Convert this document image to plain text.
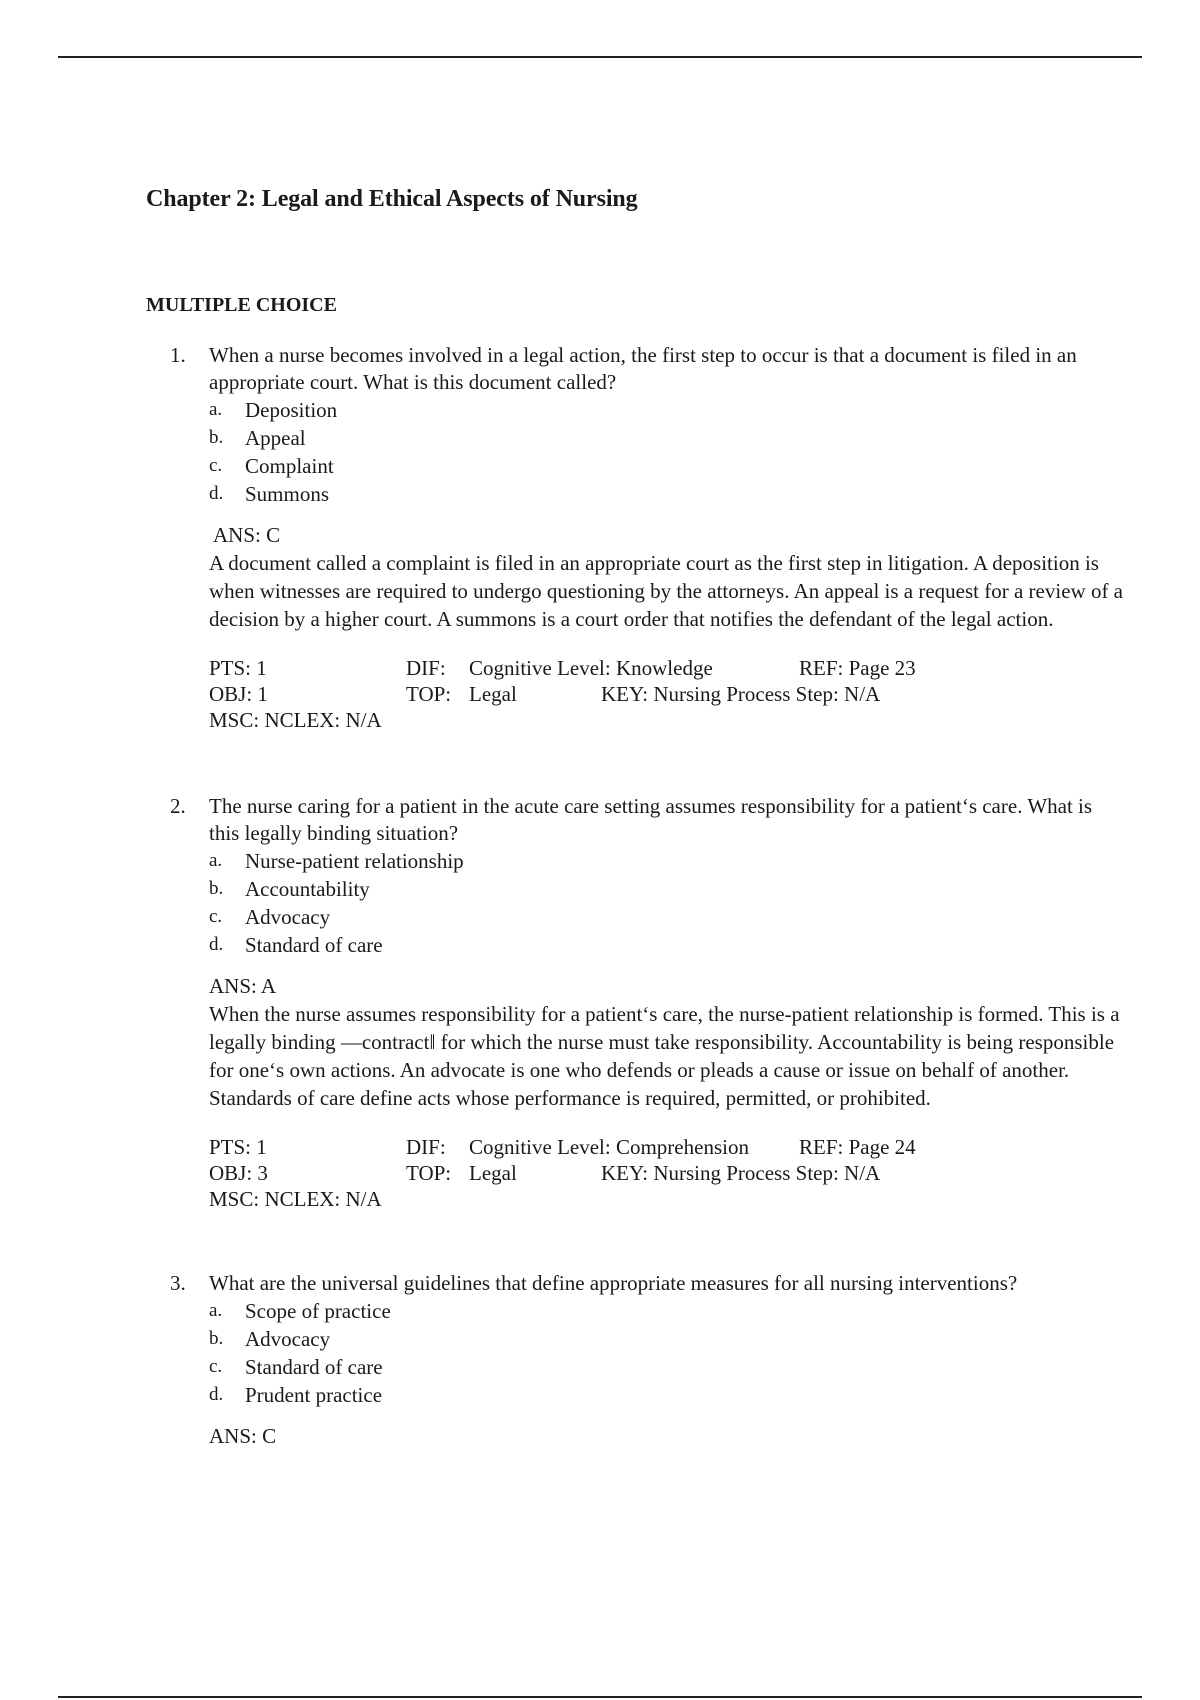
Chapter 2: Legal and Ethical Aspects of Nursing
MULTIPLE CHOICE
1.	When a nurse becomes involved in a legal action, the first step to occur is that a document is filed in an appropriate court. What is this document called?
a.	Deposition
b.	Appeal
c.	Complaint
d.	Summons
ANS: C
A document called a complaint is filed in an appropriate court as the first step in litigation. A deposition is when witnesses are required to undergo questioning by the attorneys. An appeal is a request for a review of a decision by a higher court. A summons is a court order that notifies the defendant of the legal action.
PTS: 1	DIF: Cognitive Level: Knowledge	REF: Page 23
OBJ: 1	TOP: Legal	KEY: Nursing Process Step: N/A
MSC: NCLEX: N/A
2.	The nurse caring for a patient in the acute care setting assumes responsibility for a patient‘s care. What is this legally binding situation?
a.	Nurse-patient relationship
b.	Accountability
c.	Advocacy
d.	Standard of care
ANS: A
When the nurse assumes responsibility for a patient‘s care, the nurse-patient relationship is formed. This is a legally binding ―contract‖ for which the nurse must take responsibility. Accountability is being responsible for one‘s own actions. An advocate is one who defends or pleads a cause or issue on behalf of another. Standards of care define acts whose performance is required, permitted, or prohibited.
PTS: 1	DIF: Cognitive Level: Comprehension REF: Page 24
OBJ: 3	TOP: Legal	KEY: Nursing Process Step: N/A
MSC: NCLEX: N/A
3.	What are the universal guidelines that define appropriate measures for all nursing interventions?
a.	Scope of practice
b.	Advocacy
c.	Standard of care
d.	Prudent practice
ANS: C
